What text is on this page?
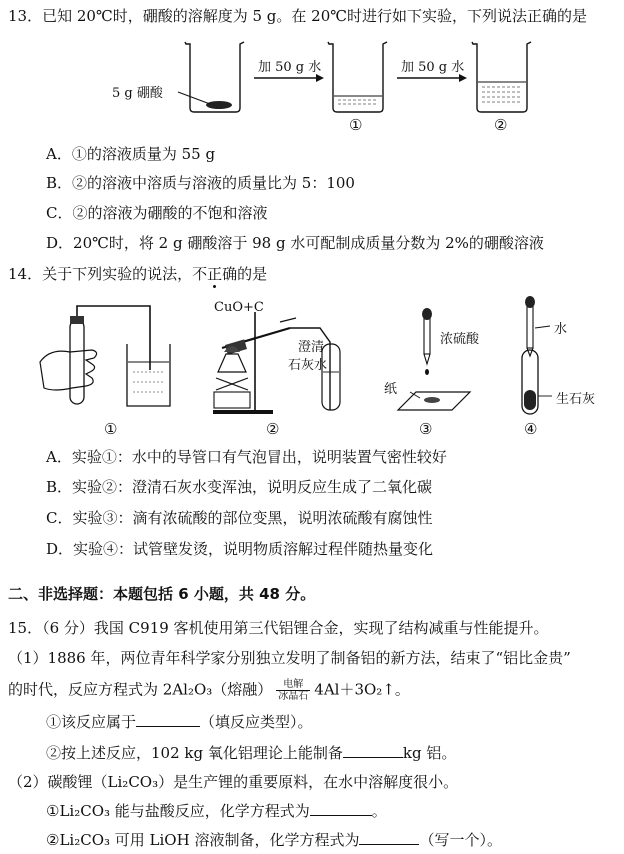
13．已知 20℃时，硼酸的溶解度为 5 g。在 20℃时进行如下实验，下列说法正确的是
5 g 硼酸
加 50 g 水	加 50 g 水
①	②
A．①的溶液质量为 55 g
B．②的溶液中溶质与溶液的质量比为 5：100
C．②的溶液为硼酸的不饱和溶液
D．20℃时，将 2 g 硼酸溶于 98 g 水可配制成质量分数为 2%的硼酸溶液
14．关于下列实验的说法，不正确的是
CuO+C
澄清
石灰水
浓硫酸
纸
水
生石灰
①	②	③	④
A．实验①：水中的导管口有气泡冒出，说明装置气密性较好
B．实验②：澄清石灰水变浑浊，说明反应生成了二氧化碳
C．实验③：滴有浓硫酸的部位变黑，说明浓硫酸有腐蚀性
D．实验④：试管壁发烫，说明物质溶解过程伴随热量变化
二、非选择题：本题包括 6 小题，共 48 分。
15．（6 分）我国 C919 客机使用第三代铝锂合金，实现了结构减重与性能提升。
（1）1886 年，两位青年科学家分别独立发明了制备铝的新方法，结束了“铝比金贵”
的时代，反应方程式为 2Al₂O₃（熔融） $\frac{\text{电解}}{\text{冰晶石}}$ 4Al＋3O₂↑。
①该反应属于	（填反应类型）。
②按上述反应，102 kg 氧化铝理论上能制备	kg 铝。
（2）碳酸锂（Li₂CO₃）是生产锂的重要原料，在水中溶解度很小。
①Li₂CO₃ 能与盐酸反应，化学方程式为	。
②Li₂CO₃ 可用 LiOH 溶液制备，化学方程式为	（写一个）。
